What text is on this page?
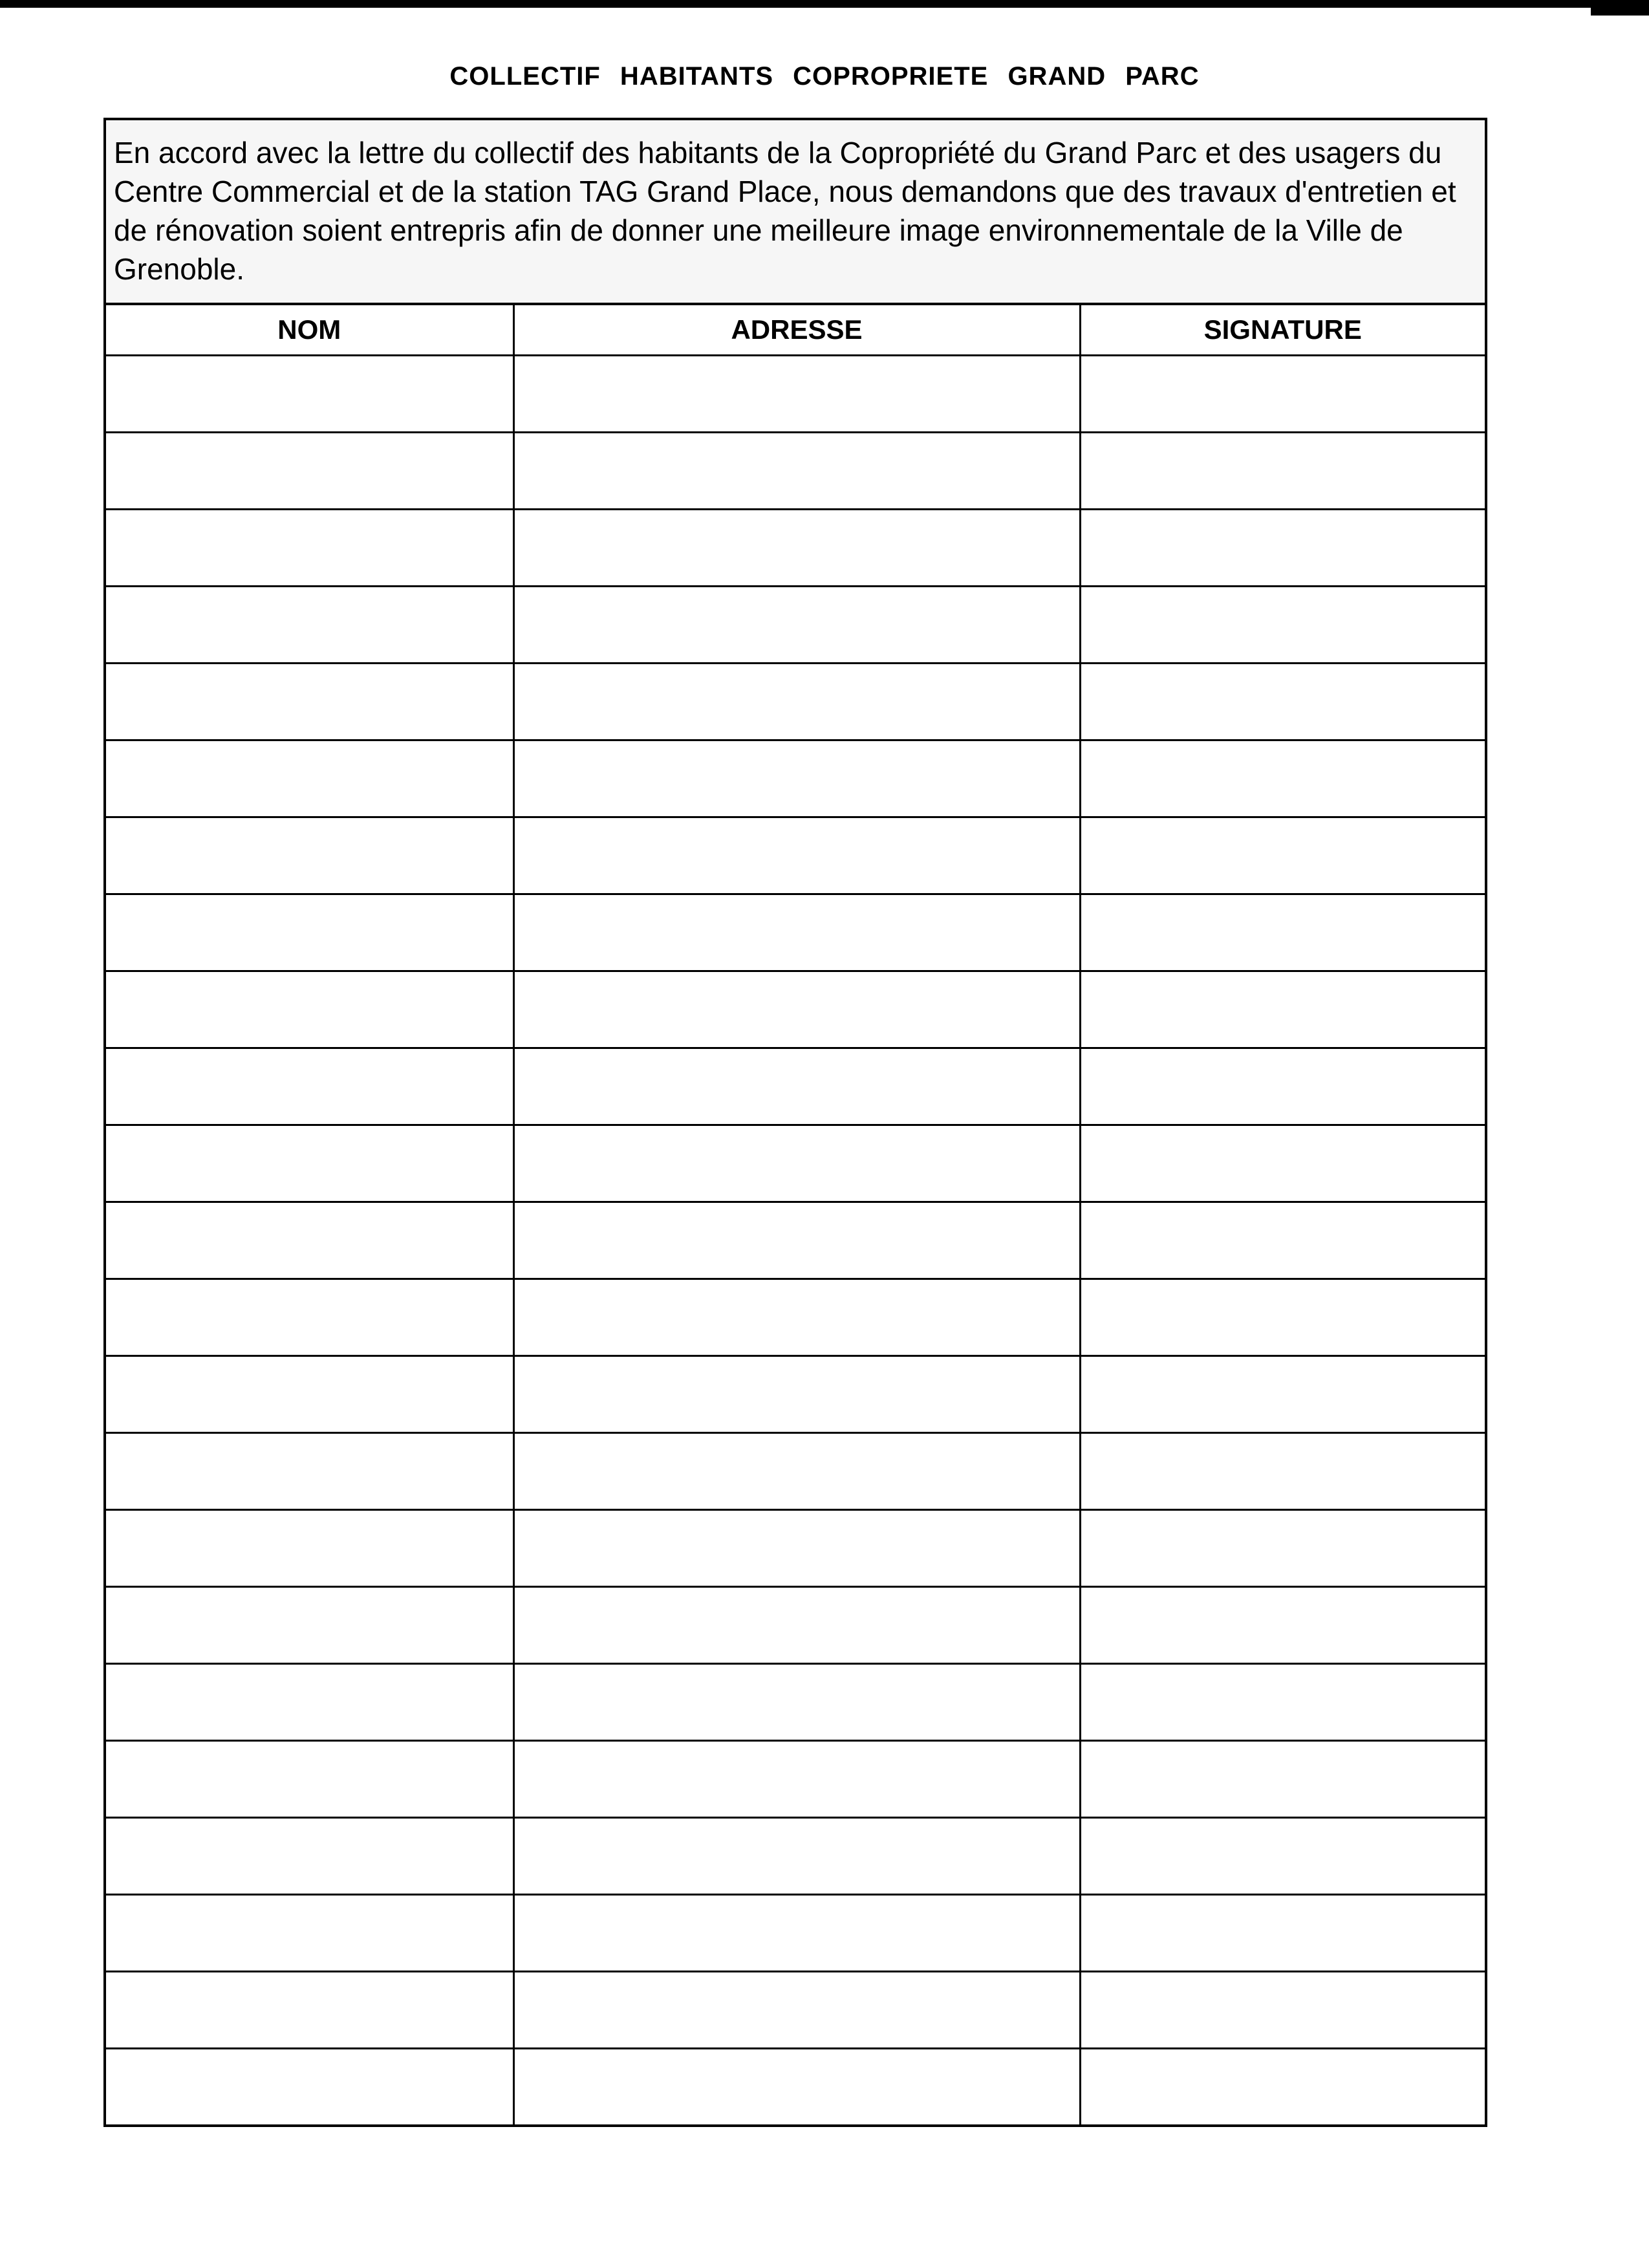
COLLECTIF HABITANTS COPROPRIETE GRAND PARC
En accord avec la lettre du collectif des habitants de la Copropriété du Grand Parc et des usagers du Centre Commercial et de la station TAG Grand Place, nous demandons que des travaux d'entretien et de rénovation soient entrepris afin de donner une meilleure image environnementale de la Ville de Grenoble.
NOM	ADRESSE	SIGNATURE
